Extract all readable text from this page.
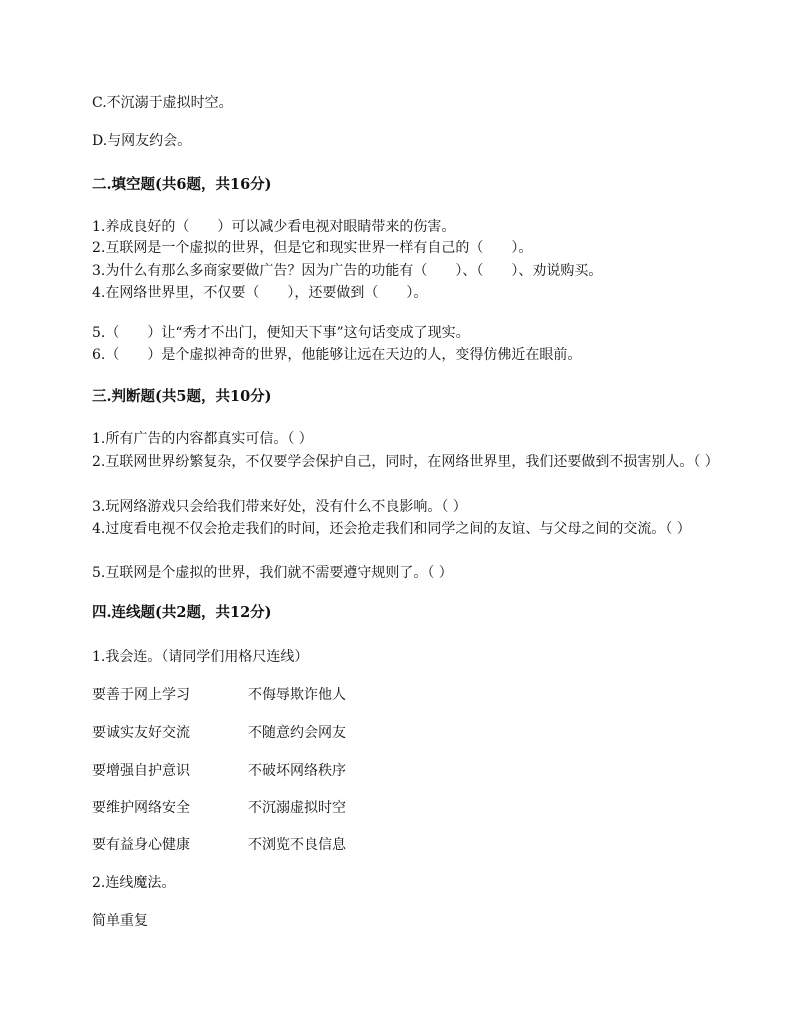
C.不沉溺于虚拟时空。

D.与网友约会。

二.填空题(共6题，共16分)

1.养成良好的（　　）可以减少看电视对眼睛带来的伤害。

2.互联网是一个虚拟的世界，但是它和现实世界一样有自己的（　　）。

3.为什么有那么多商家要做广告？因为广告的功能有（　　）、（　　）、劝说购买。

4.在网络世界里，不仅要（　　），还要做到（　　）。

5.（　　）让“秀才不出门，便知天下事”这句话变成了现实。

6.（　　）是个虚拟神奇的世界，他能够让远在天边的人，变得仿佛近在眼前。

三.判断题(共5题，共10分)

1.所有广告的内容都真实可信。（ ）

2.互联网世界纷繁复杂，不仅要学会保护自己，同时，在网络世界里，我们还要做到不损害别人。（ ）

3.玩网络游戏只会给我们带来好处，没有什么不良影响。（ ）

4.过度看电视不仅会抢走我们的时间，还会抢走我们和同学之间的友谊、与父母之间的交流。（ ）

5.互联网是个虚拟的世界，我们就不需要遵守规则了。（ ）

四.连线题(共2题，共12分)

1.我会连。（请同学们用格尺连线）

要善于网上学习	不侮辱欺诈他人
要诚实友好交流	不随意约会网友
要增强自护意识	不破坏网络秩序
要维护网络安全	不沉溺虚拟时空
要有益身心健康	不浏览不良信息

2.连线魔法。

简单重复
